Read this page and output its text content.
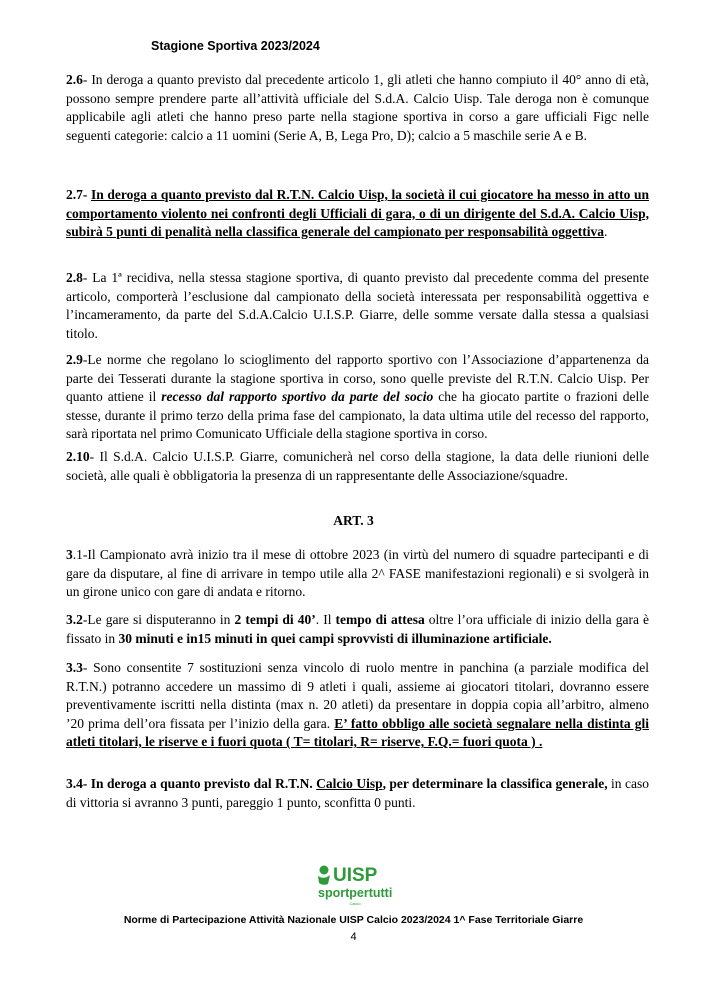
Stagione Sportiva 2023/2024

2.6- In deroga a quanto previsto dal precedente articolo 1, gli atleti che hanno compiuto il 40° anno di età, possono sempre prendere parte all’attività ufficiale del S.d.A. Calcio Uisp. Tale deroga non è comunque applicabile agli atleti che hanno preso parte nella stagione sportiva in corso a gare ufficiali Figc nelle seguenti categorie: calcio a 11 uomini (Serie A, B, Lega Pro, D); calcio a 5 maschile serie A e B.

2.7- In deroga a quanto previsto dal R.T.N. Calcio Uisp, la società il cui giocatore ha messo in atto un comportamento violento nei confronti degli Ufficiali di gara, o di un dirigente del S.d.A. Calcio Uisp, subirà 5 punti di penalità nella classifica generale del campionato per responsabilità oggettiva.

2.8- La 1ª recidiva, nella stessa stagione sportiva, di quanto previsto dal precedente comma del presente articolo, comporterà l’esclusione dal campionato della società interessata per responsabilità oggettiva e l’incameramento, da parte del S.d.A.Calcio U.I.S.P. Giarre, delle somme versate dalla stessa a qualsiasi titolo.

2.9-Le norme che regolano lo scioglimento del rapporto sportivo con l’Associazione d’appartenenza da parte dei Tesserati durante la stagione sportiva in corso, sono quelle previste del R.T.N. Calcio Uisp. Per quanto attiene il recesso dal rapporto sportivo da parte del socio che ha giocato partite o frazioni delle stesse, durante il primo terzo della prima fase del campionato, la data ultima utile del recesso del rapporto, sarà riportata nel primo Comunicato Ufficiale della stagione sportiva in corso.

2.10- Il S.d.A. Calcio U.I.S.P. Giarre, comunicherà nel corso della stagione, la data delle riunioni delle società, alle quali è obbligatoria la presenza di un rappresentante delle Associazione/squadre.

ART. 3

3.1-Il Campionato avrà inizio tra il mese di ottobre 2023 (in virtù del numero di squadre partecipanti e di gare da disputare, al fine di arrivare in tempo utile alla 2^ FASE manifestazioni regionali) e si svolgerà in un girone unico con gare di andata e ritorno.

3.2-Le gare si disputeranno in 2 tempi di 40’. Il tempo di attesa oltre l’ora ufficiale di inizio della gara è fissato in 30 minuti e in15 minuti in quei campi sprovvisti di illuminazione artificiale.

3.3- Sono consentite 7 sostituzioni senza vincolo di ruolo mentre in panchina (a parziale modifica del R.T.N.) potranno accedere un massimo di 9 atleti i quali, assieme ai giocatori titolari, dovranno essere preventivamente iscritti nella distinta (max n. 20 atleti) da presentare in doppia copia all’arbitro, almeno ’20 prima dell’ora fissata per l’inizio della gara. E’ fatto obbligo alle società segnalare nella distinta gli atleti titolari, le riserve e i fuori quota ( T= titolari, R= riserve, F.Q.= fuori quota ) .

3.4- In deroga a quanto previsto dal R.T.N. Calcio Uisp, per determinare la classifica generale, in caso di vittoria si avranno 3 punti, pareggio 1 punto, sconfitta 0 punti.

UISP
sportpertutti
Calcio
Norme di Partecipazione Attività Nazionale UISP Calcio 2023/2024 1^ Fase Territoriale Giarre
4
